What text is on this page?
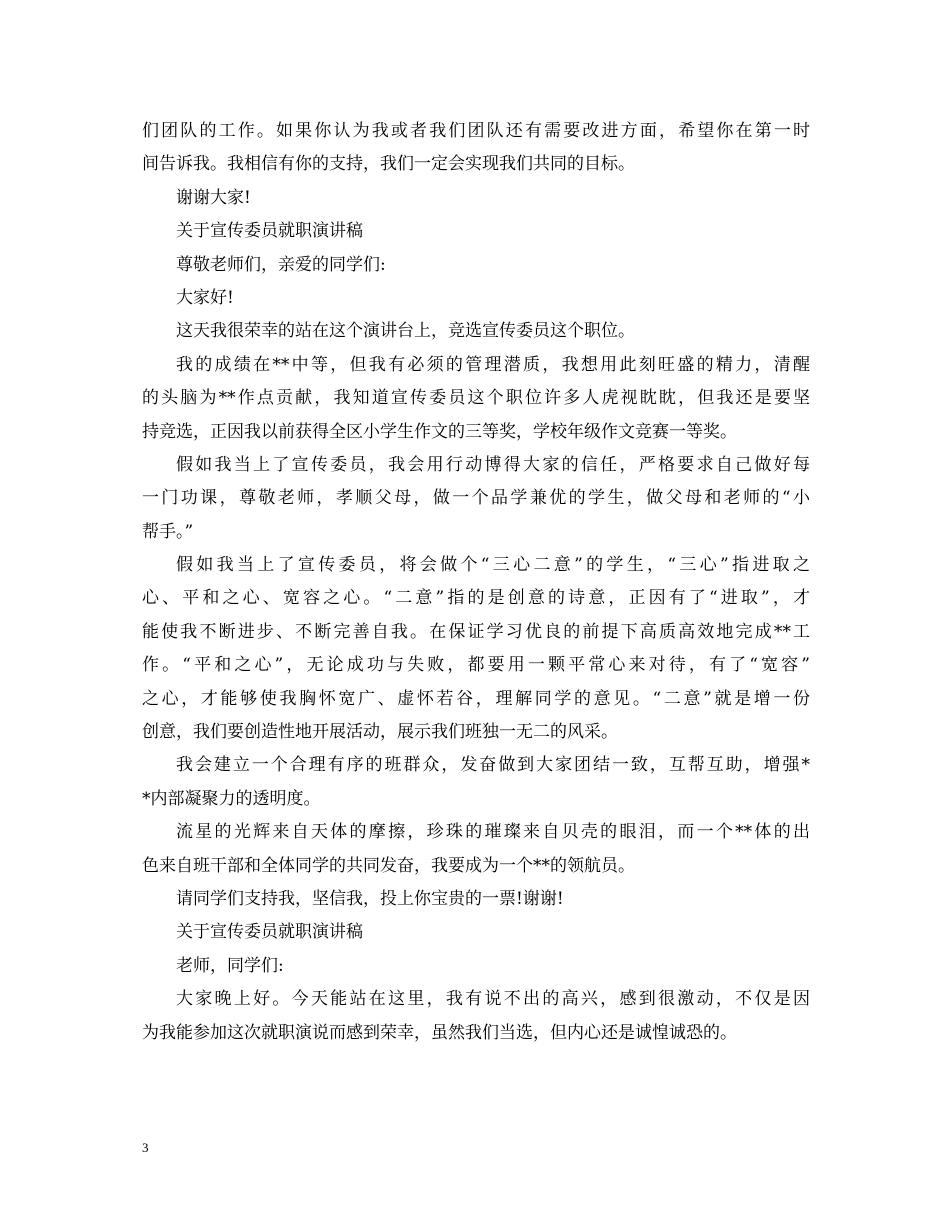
们团队的工作。如果你认为我或者我们团队还有需要改进方面，希望你在第一时
间告诉我。我相信有你的支持，我们一定会实现我们共同的目标。
谢谢大家!
关于宣传委员就职演讲稿
尊敬老师们，亲爱的同学们:
大家好!
这天我很荣幸的站在这个演讲台上，竞选宣传委员这个职位。
我的成绩在**中等，但我有必须的管理潜质，我想用此刻旺盛的精力，清醒
的头脑为**作点贡献，我知道宣传委员这个职位许多人虎视眈眈，但我还是要坚
持竞选，正因我以前获得全区小学生作文的三等奖，学校年级作文竞赛一等奖。
假如我当上了宣传委员，我会用行动博得大家的信任，严格要求自己做好每
一门功课，尊敬老师，孝顺父母，做一个品学兼优的学生，做父母和老师的“小
帮手。”
假如我当上了宣传委员，将会做个“三心二意”的学生，“三心”指进取之
心、平和之心、宽容之心。“二意”指的是创意的诗意，正因有了“进取”，才
能使我不断进步、不断完善自我。在保证学习优良的前提下高质高效地完成**工
作。“平和之心”，无论成功与失败，都要用一颗平常心来对待，有了“宽容”
之心，才能够使我胸怀宽广、虚怀若谷，理解同学的意见。“二意”就是增一份
创意，我们要创造性地开展活动，展示我们班独一无二的风采。
我会建立一个合理有序的班群众，发奋做到大家团结一致，互帮互助，增强*
*内部凝聚力的透明度。
流星的光辉来自天体的摩擦，珍珠的璀璨来自贝壳的眼泪，而一个**体的出
色来自班干部和全体同学的共同发奋，我要成为一个**的领航员。
请同学们支持我，坚信我，投上你宝贵的一票!谢谢!
关于宣传委员就职演讲稿
老师，同学们:
大家晚上好。今天能站在这里，我有说不出的高兴，感到很激动，不仅是因
为我能参加这次就职演说而感到荣幸，虽然我们当选，但内心还是诚惶诚恐的。
3
